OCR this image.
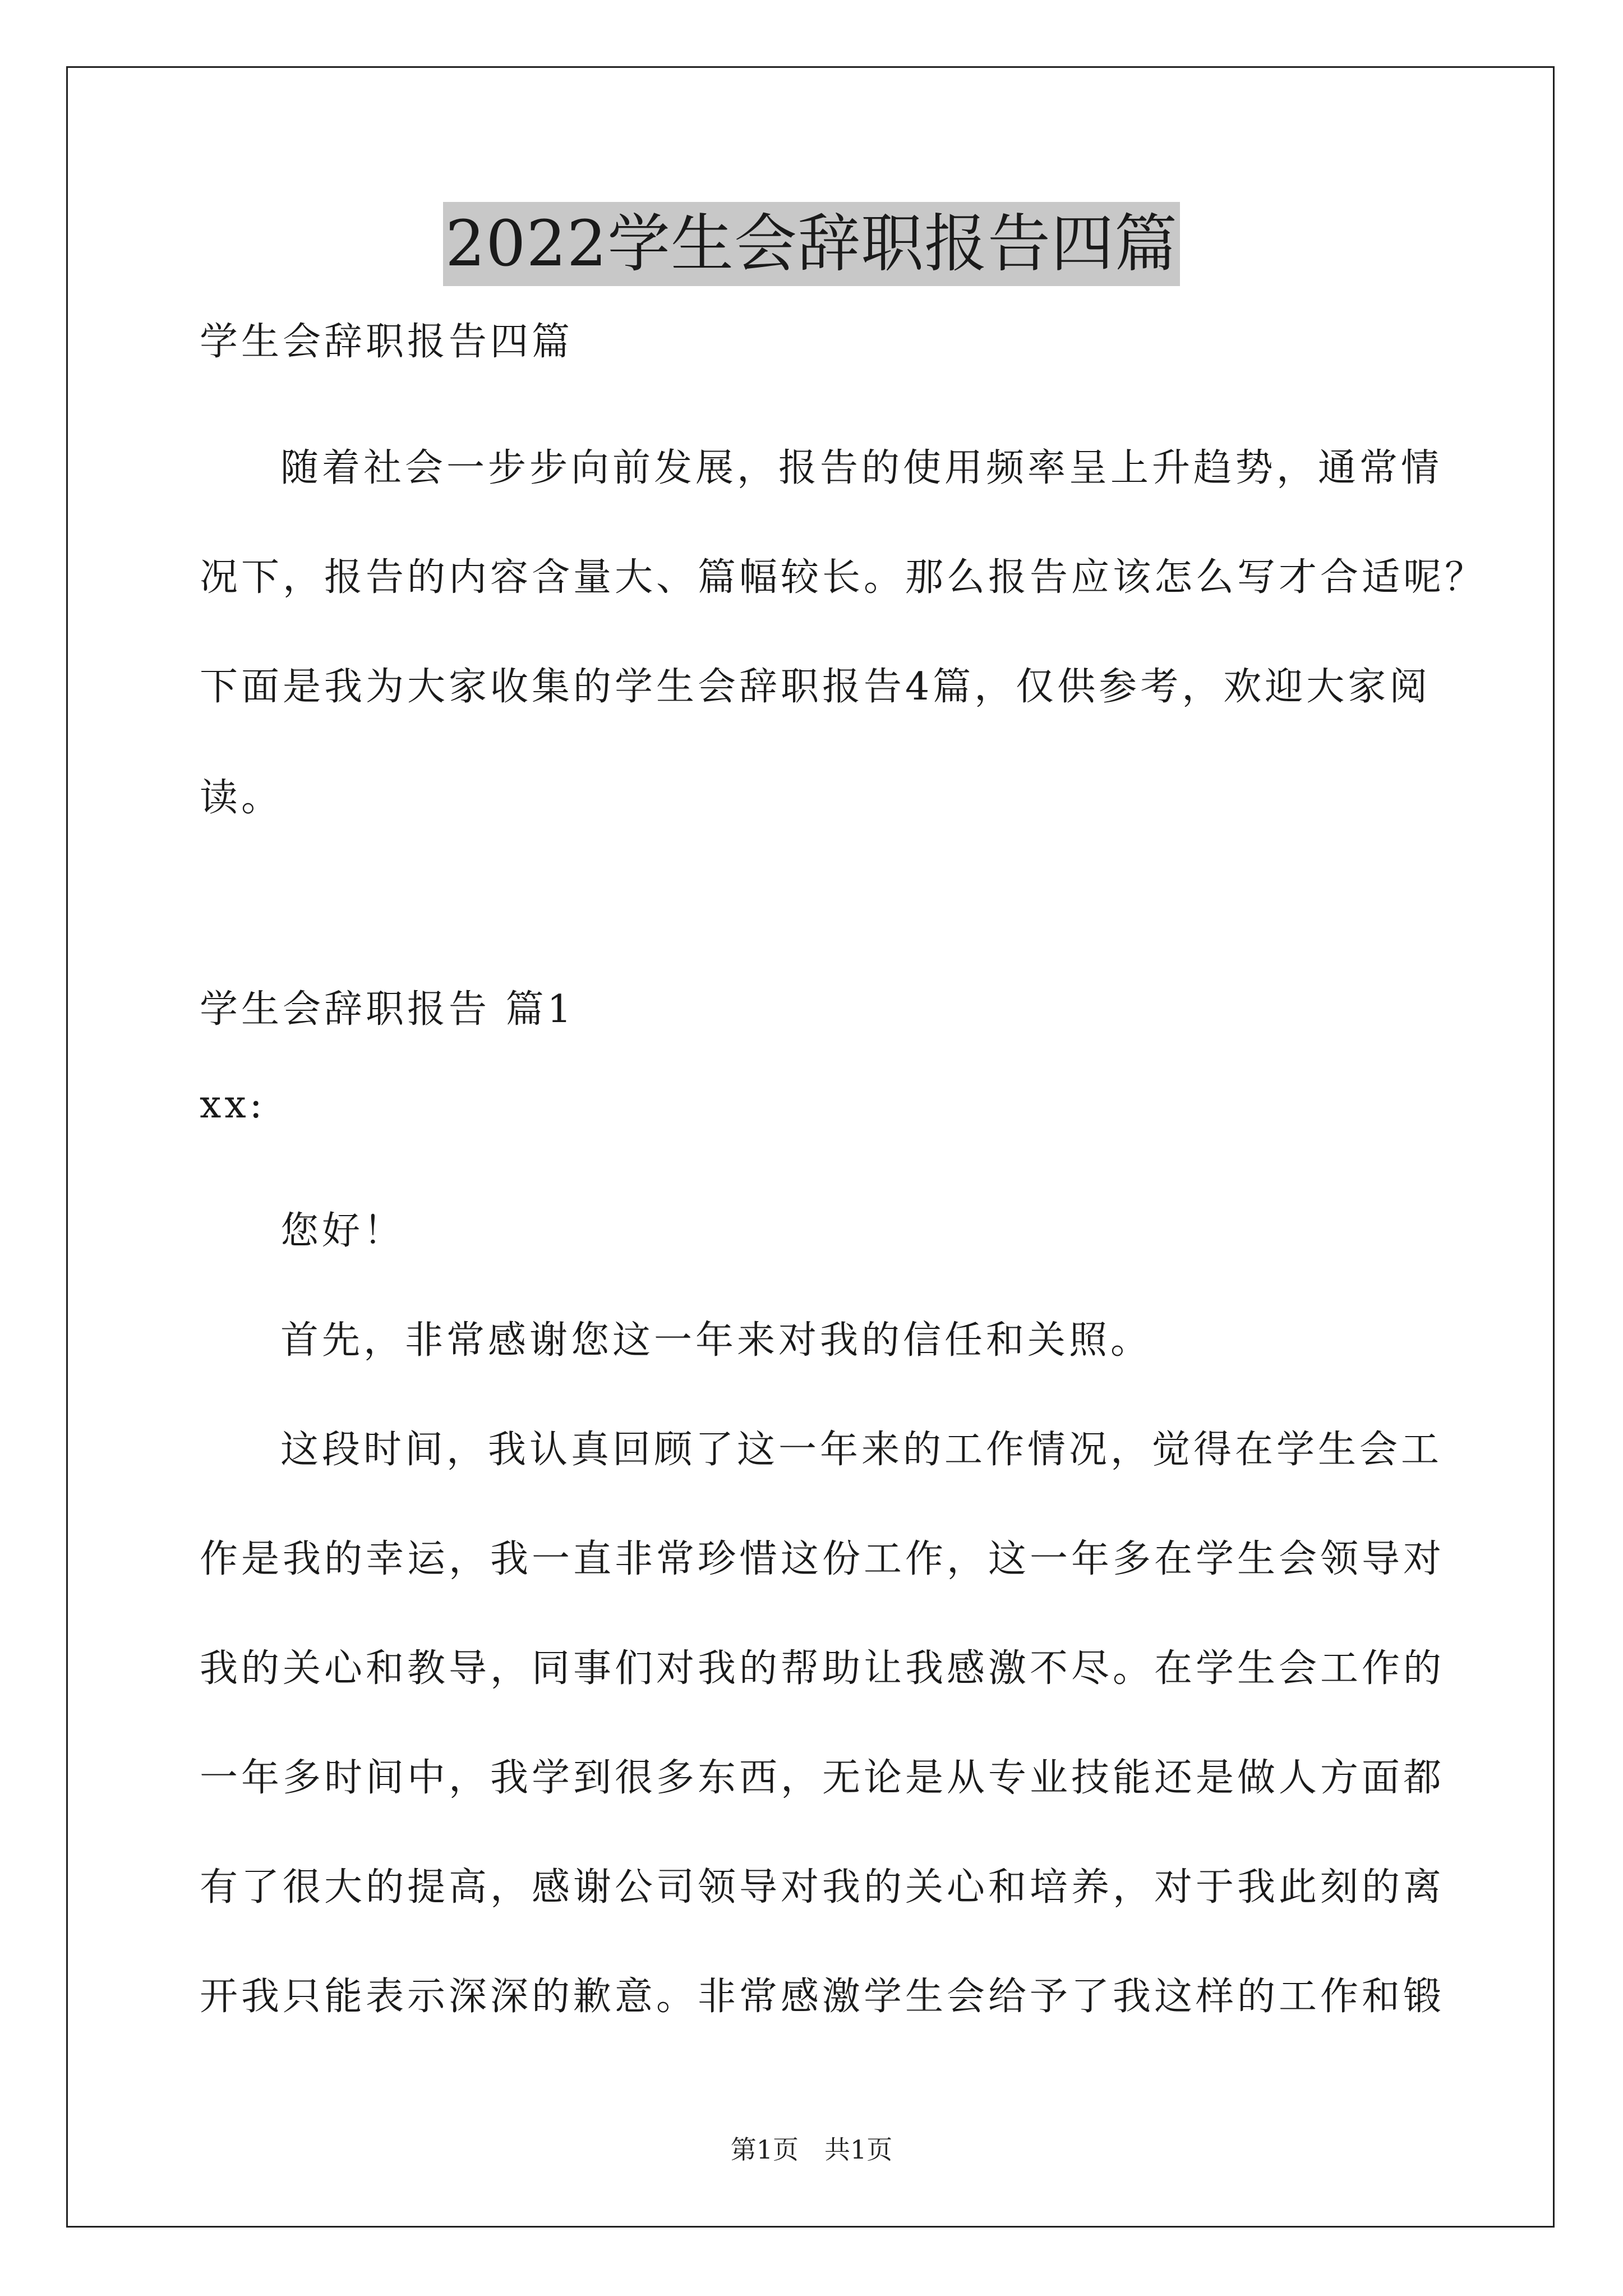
2022学生会辞职报告四篇
学生会辞职报告四篇
随着社会一步步向前发展，报告的使用频率呈上升趋势，通常情
况下，报告的内容含量大、篇幅较长。那么报告应该怎么写才合适呢？
下面是我为大家收集的学生会辞职报告4篇，仅供参考，欢迎大家阅
读。
学生会辞职报告 篇1
xx:
您好！
首先，非常感谢您这一年来对我的信任和关照。
这段时间，我认真回顾了这一年来的工作情况，觉得在学生会工
作是我的幸运，我一直非常珍惜这份工作，这一年多在学生会领导对
我的关心和教导，同事们对我的帮助让我感激不尽。在学生会工作的
一年多时间中，我学到很多东西，无论是从专业技能还是做人方面都
有了很大的提高，感谢公司领导对我的关心和培养，对于我此刻的离
开我只能表示深深的歉意。非常感激学生会给予了我这样的工作和锻
第1页　共1页
